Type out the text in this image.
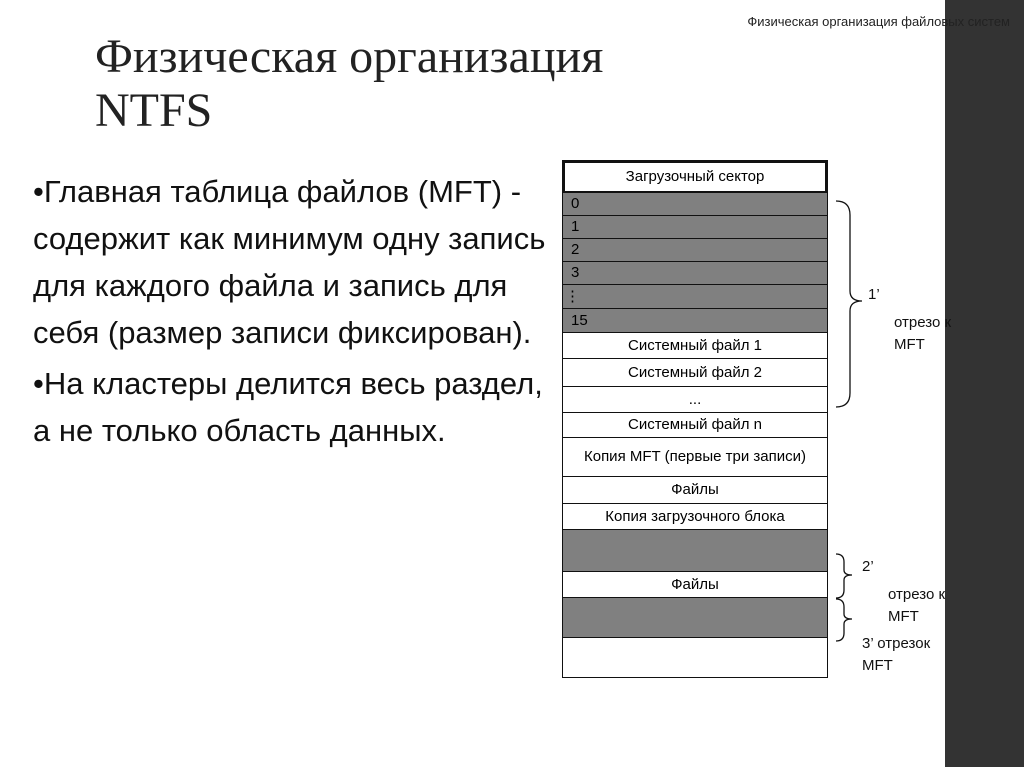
Физическая организация файловых систем
Физическая организация
NTFS

•Главная таблица файлов (MFT) - содержит как минимум одну запись для каждого файла и запись для себя (размер записи фиксирован).

•На кластеры делится весь раздел, а не только область данных.

Загрузочный сектор
0
1
2
3
⋮
15
Системный файл 1
Системный файл 2
...
Системный файл n
Копия MFT (первые три записи)
Файлы
Копия загрузочного блока
Файлы
1’
отрезо к MFT
2’
отрезо к MFT
3’ отрезок MFT
